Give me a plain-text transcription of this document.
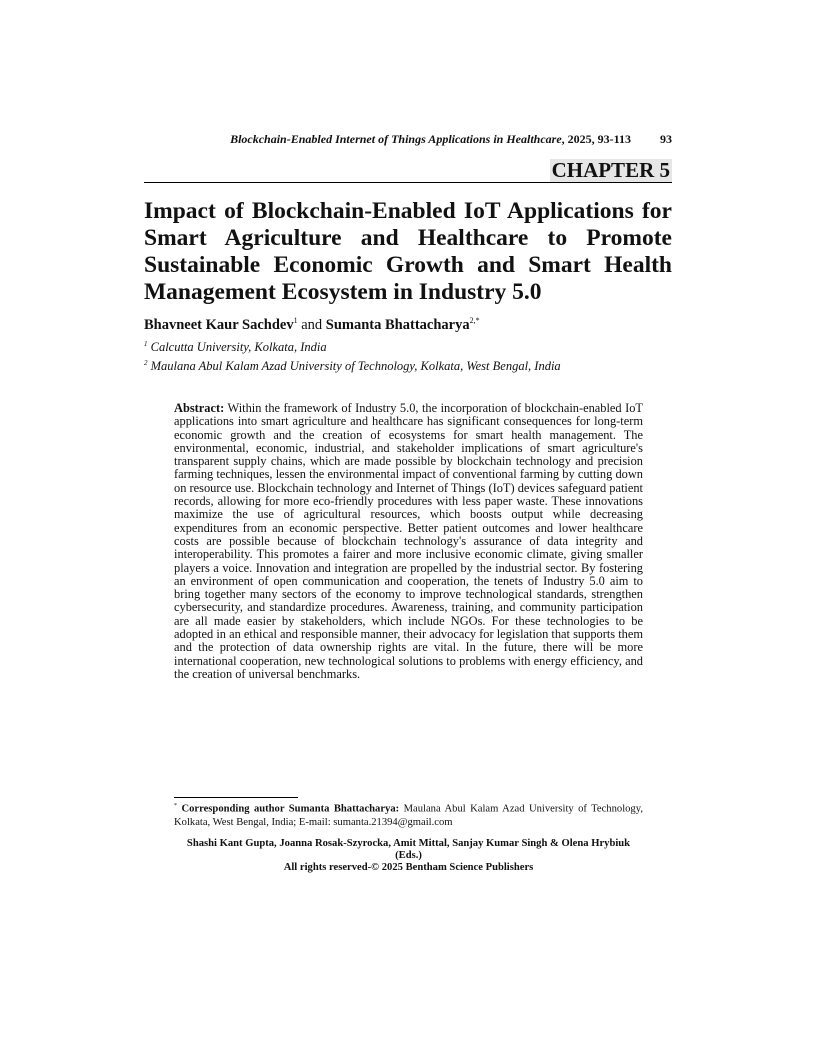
Blockchain-Enabled Internet of Things Applications in Healthcare, 2025, 93-113 93
CHAPTER 5
Impact of Blockchain-Enabled IoT Applications for Smart Agriculture and Healthcare to Promote Sustainable Economic Growth and Smart Health Management Ecosystem in Industry 5.0
Bhavneet Kaur Sachdev$^1$ and Sumanta Bhattacharya$^{2,*}$
$^1$ Calcutta University, Kolkata, India
$^2$ Maulana Abul Kalam Azad University of Technology, Kolkata, West Bengal, India

Abstract: Within the framework of Industry 5.0, the incorporation of blockchain-enabled IoT applications into smart agriculture and healthcare has significant consequences for long-term economic growth and the creation of ecosystems for smart health management. The environmental, economic, industrial, and stakeholder implications of smart agriculture's transparent supply chains, which are made possible by blockchain technology and precision farming techniques, lessen the environmental impact of conventional farming by cutting down on resource use. Blockchain technology and Internet of Things (IoT) devices safeguard patient records, allowing for more eco-friendly procedures with less paper waste. These innovations maximize the use of agricultural resources, which boosts output while decreasing expenditures from an economic perspective. Better patient outcomes and lower healthcare costs are possible because of blockchain technology's assurance of data integrity and interoperability. This promotes a fairer and more inclusive economic climate, giving smaller players a voice. Innovation and integration are propelled by the industrial sector. By fostering an environment of open communication and cooperation, the tenets of Industry 5.0 aim to bring together many sectors of the economy to improve technological standards, strengthen cybersecurity, and standardize procedures. Awareness, training, and community participation are all made easier by stakeholders, which include NGOs. For these technologies to be adopted in an ethical and responsible manner, their advocacy for legislation that supports them and the protection of data ownership rights are vital. In the future, there will be more international cooperation, new technological solutions to problems with energy efficiency, and the creation of universal benchmarks.

* Corresponding author Sumanta Bhattacharya: Maulana Abul Kalam Azad University of Technology, Kolkata, West Bengal, India; E-mail: sumanta.21394@gmail.com

Shashi Kant Gupta, Joanna Rosak-Szyrocka, Amit Mittal, Sanjay Kumar Singh & Olena Hrybiuk
(Eds.)
All rights reserved-© 2025 Bentham Science Publishers
